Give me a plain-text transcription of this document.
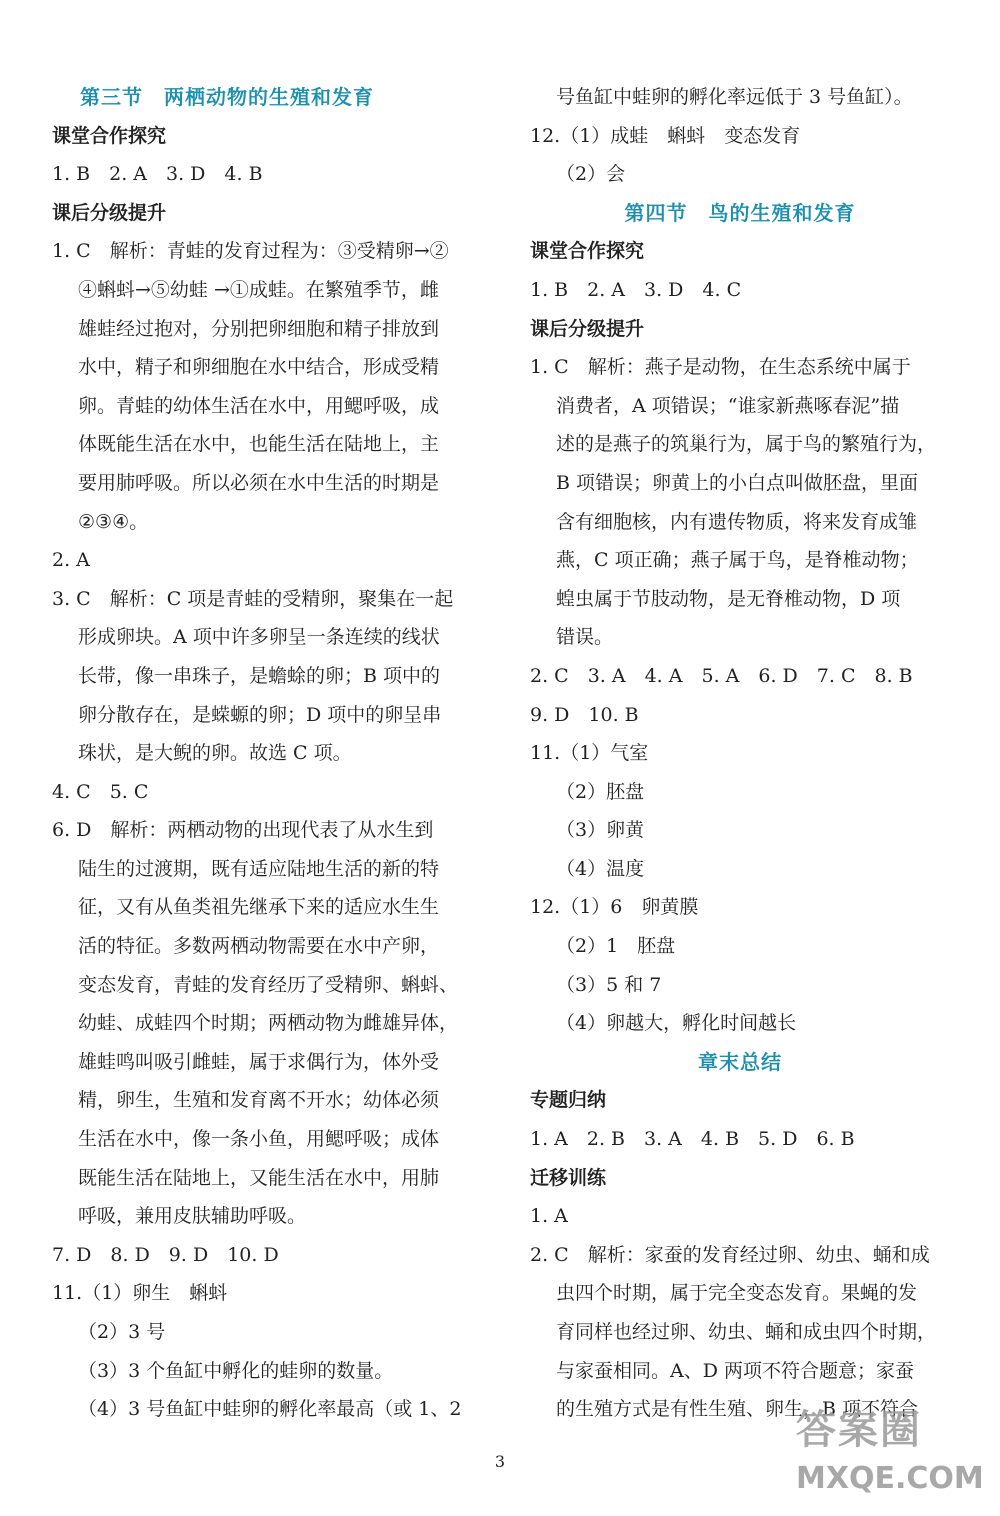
第三节　两栖动物的生殖和发育
课堂合作探究
1. B　2. A　3. D　4. B
课后分级提升
1. C　解析：青蛙的发育过程为：③受精卵→②
④蝌蚪→⑤幼蛙 →①成蛙。在繁殖季节，雌
雄蛙经过抱对，分别把卵细胞和精子排放到
水中，精子和卵细胞在水中结合，形成受精
卵。青蛙的幼体生活在水中，用鳃呼吸，成
体既能生活在水中，也能生活在陆地上，主
要用肺呼吸。所以必须在水中生活的时期是
②③④。
2. A
3. C　解析：C 项是青蛙的受精卵，聚集在一起
形成卵块。A 项中许多卵呈一条连续的线状
长带，像一串珠子，是蟾蜍的卵；B 项中的
卵分散存在，是蝾螈的卵；D 项中的卵呈串
珠状，是大鲵的卵。故选 C 项。
4. C　5. C
6. D　解析：两栖动物的出现代表了从水生到
陆生的过渡期，既有适应陆地生活的新的特
征，又有从鱼类祖先继承下来的适应水生生
活的特征。多数两栖动物需要在水中产卵，
变态发育，青蛙的发育经历了受精卵、蝌蚪、
幼蛙、成蛙四个时期；两栖动物为雌雄异体，
雄蛙鸣叫吸引雌蛙，属于求偶行为，体外受
精，卵生，生殖和发育离不开水；幼体必须
生活在水中，像一条小鱼，用鳃呼吸；成体
既能生活在陆地上，又能生活在水中，用肺
呼吸，兼用皮肤辅助呼吸。
7. D　8. D　9. D　10. D
11.（1）卵生　蝌蚪
（2）3 号
（3）3 个鱼缸中孵化的蛙卵的数量。
（4）3 号鱼缸中蛙卵的孵化率最高（或 1、2
号鱼缸中蛙卵的孵化率远低于 3 号鱼缸）。
12.（1）成蛙　蝌蚪　变态发育
（2）会
第四节　鸟的生殖和发育
课堂合作探究
1. B　2. A　3. D　4. C
课后分级提升
1. C　解析：燕子是动物，在生态系统中属于
消费者，A 项错误；“谁家新燕啄春泥”描
述的是燕子的筑巢行为，属于鸟的繁殖行为，
B 项错误；卵黄上的小白点叫做胚盘，里面
含有细胞核，内有遗传物质，将来发育成雏
燕，C 项正确；燕子属于鸟，是脊椎动物；
蝗虫属于节肢动物，是无脊椎动物，D 项
错误。
2. C　3. A　4. A　5. A　6. D　7. C　8. B
9. D　10. B
11.（1）气室
（2）胚盘
（3）卵黄
（4）温度
12.（1）6　卵黄膜
（2）1　胚盘
（3）5 和 7
（4）卵越大，孵化时间越长
章末总结
专题归纳
1. A　2. B　3. A　4. B　5. D　6. B
迁移训练
1. A
2. C　解析：家蚕的发育经过卵、幼虫、蛹和成
虫四个时期，属于完全变态发育。果蝇的发
育同样也经过卵、幼虫、蛹和成虫四个时期，
与家蚕相同。A、D 两项不符合题意；家蚕
的生殖方式是有性生殖、卵生，B 项不符合
3
答案圈
MXQE.COM
